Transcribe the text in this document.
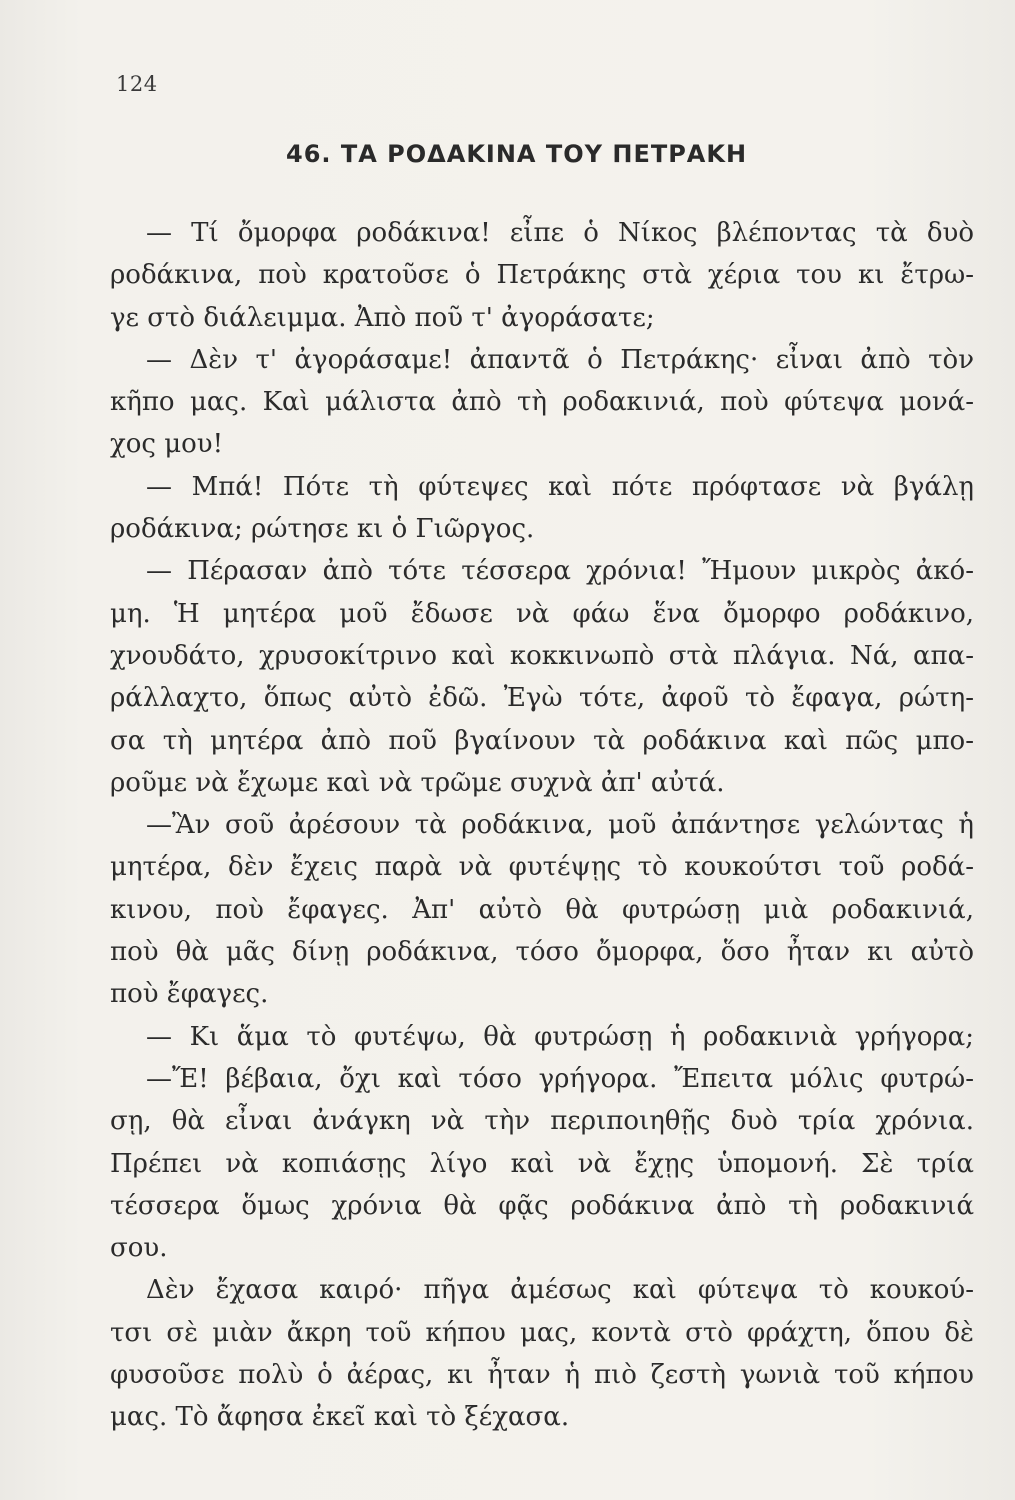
124
46. ΤΑ ΡΟΔΑΚΙΝΑ ΤΟΥ ΠΕΤΡΑΚΗ
— Τί ὄμορφα ροδάκινα! εἶπε ὁ Νίκος βλέποντας τὰ δυὸ
ροδάκινα, ποὺ κρατοῦσε ὁ Πετράκης στὰ χέρια του κι ἔτρω-
γε στὸ διάλειμμα. Ἀπὸ ποῦ τ' ἀγοράσατε;
— Δὲν τ' ἀγοράσαμε! ἀπαντᾶ ὁ Πετράκης· εἶναι ἀπὸ τὸν
κῆπο μας. Καὶ μάλιστα ἀπὸ τὴ ροδακινιά, ποὺ φύτεψα μονά-
χος μου!
— Μπά! Πότε τὴ φύτεψες καὶ πότε πρόφτασε νὰ βγάλῃ
ροδάκινα; ρώτησε κι ὁ Γιῶργος.
— Πέρασαν ἀπὸ τότε τέσσερα χρόνια! Ἤμουν μικρὸς ἀκό-
μη. Ἡ μητέρα μοῦ ἔδωσε νὰ φάω ἕνα ὄμορφο ροδάκινο,
χνουδάτο, χρυσοκίτρινο καὶ κοκκινωπὸ στὰ πλάγια. Νά, απα-
ράλλαχτο, ὅπως αὐτὸ ἐδῶ. Ἐγὼ τότε, ἀφοῦ τὸ ἔφαγα, ρώτη-
σα τὴ μητέρα ἀπὸ ποῦ βγαίνουν τὰ ροδάκινα καὶ πῶς μπο-
ροῦμε νὰ ἔχωμε καὶ νὰ τρῶμε συχνὰ ἀπ' αὐτά.
—Ἂν σοῦ ἀρέσουν τὰ ροδάκινα, μοῦ ἀπάντησε γελώντας ἡ
μητέρα, δὲν ἔχεις παρὰ νὰ φυτέψῃς τὸ κουκούτσι τοῦ ροδά-
κινου, ποὺ ἔφαγες. Ἀπ' αὐτὸ θὰ φυτρώσῃ μιὰ ροδακινιά,
ποὺ θὰ μᾶς δίνῃ ροδάκινα, τόσο ὄμορφα, ὅσο ἦταν κι αὐτὸ
ποὺ ἔφαγες.
— Κι ἅμα τὸ φυτέψω, θὰ φυτρώσῃ ἡ ροδακινιὰ γρήγορα;
—Ἔ! βέβαια, ὄχι καὶ τόσο γρήγορα. Ἔπειτα μόλις φυτρώ-
σῃ, θὰ εἶναι ἀνάγκη νὰ τὴν περιποιηθῇς δυὸ τρία χρόνια.
Πρέπει νὰ κοπιάσῃς λίγο καὶ νὰ ἔχῃς ὑπομονή. Σὲ τρία
τέσσερα ὅμως χρόνια θὰ φᾷς ροδάκινα ἀπὸ τὴ ροδακινιά
σου.
Δὲν ἔχασα καιρό· πῆγα ἀμέσως καὶ φύτεψα τὸ κουκού-
τσι σὲ μιὰν ἄκρη τοῦ κήπου μας, κοντὰ στὸ φράχτη, ὅπου δὲ
φυσοῦσε πολὺ ὁ ἀέρας, κι ἦταν ἡ πιὸ ζεστὴ γωνιὰ τοῦ κήπου
μας. Τὸ ἄφησα ἐκεῖ καὶ τὸ ξέχασα.
